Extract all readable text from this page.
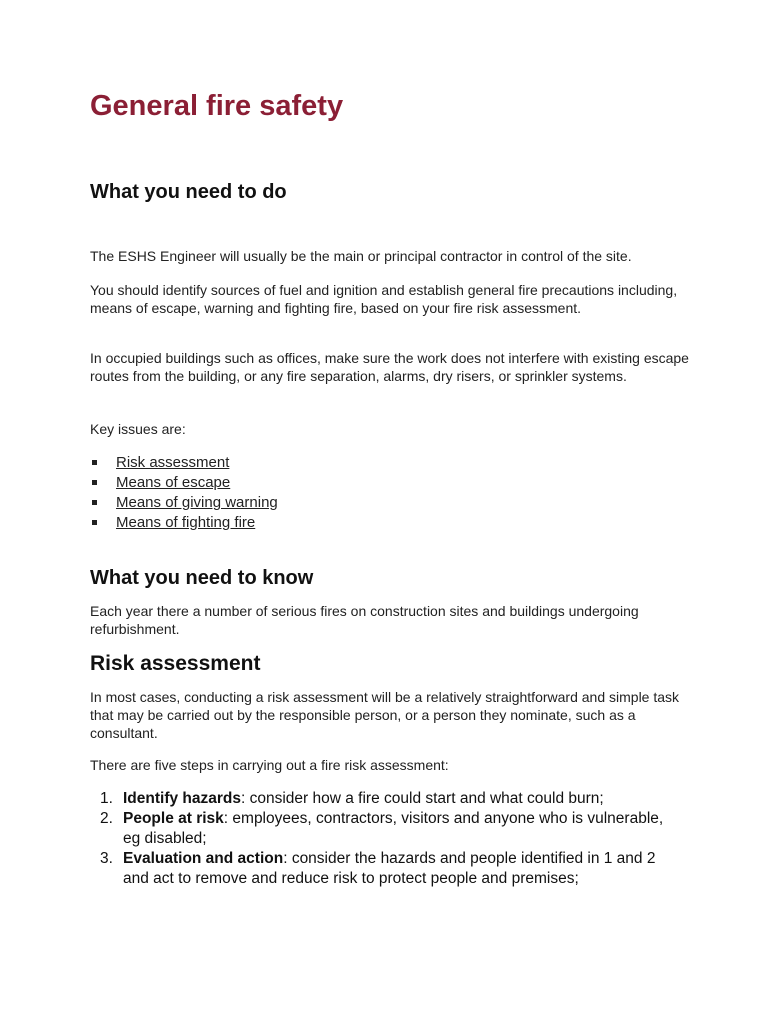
General fire safety
What you need to do

The ESHS Engineer will usually be the main or principal contractor in control of the site.

You should identify sources of fuel and ignition and establish general fire precautions including, means of escape, warning and fighting fire, based on your fire risk assessment.

In occupied buildings such as offices, make sure the work does not interfere with existing escape routes from the building, or any fire separation, alarms, dry risers, or sprinkler systems.

Key issues are:

Risk assessment
Means of escape
Means of giving warning
Means of fighting fire
What you need to know

Each year there a number of serious fires on construction sites and buildings undergoing refurbishment.

Risk assessment

In most cases, conducting a risk assessment will be a relatively straightforward and simple task that may be carried out by the responsible person, or a person they nominate, such as a consultant.

There are five steps in carrying out a fire risk assessment:

1. Identify hazards: consider how a fire could start and what could burn;
2. People at risk: employees, contractors, visitors and anyone who is vulnerable, eg disabled;
3. Evaluation and action: consider the hazards and people identified in 1 and 2 and act to remove and reduce risk to protect people and premises;
